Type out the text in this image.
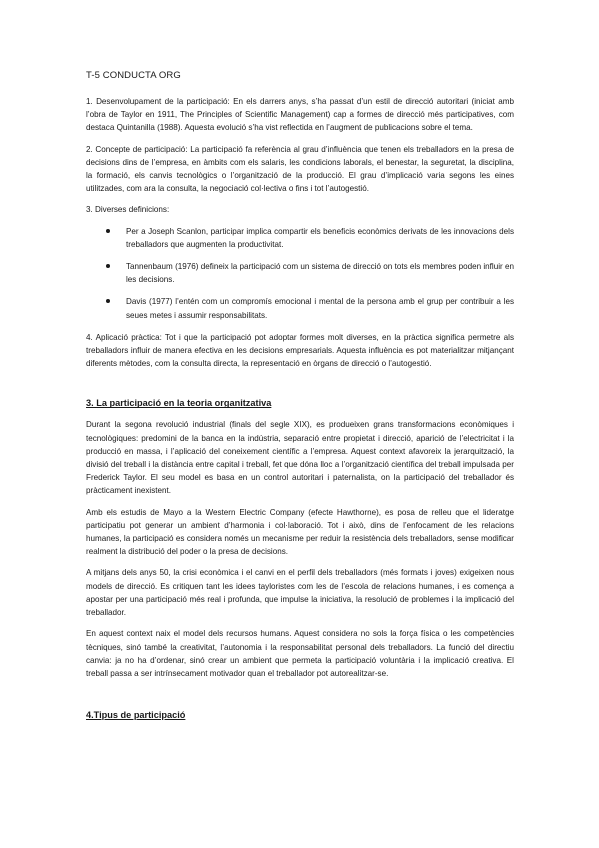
T-5 CONDUCTA ORG

1. Desenvolupament de la participació: En els darrers anys, s’ha passat d’un estil de direcció autoritari (iniciat amb l’obra de Taylor en 1911, The Principles of Scientific Management) cap a formes de direcció més participatives, com destaca Quintanilla (1988). Aquesta evolució s’ha vist reflectida en l’augment de publicacions sobre el tema.

2. Concepte de participació: La participació fa referència al grau d’influència que tenen els treballadors en la presa de decisions dins de l’empresa, en àmbits com els salaris, les condicions laborals, el benestar, la seguretat, la disciplina, la formació, els canvis tecnològics o l’organització de la producció. El grau d’implicació varia segons les eines utilitzades, com ara la consulta, la negociació col·lectiva o fins i tot l’autogestió.

3. Diverses definicions:

Per a Joseph Scanlon, participar implica compartir els beneficis econòmics derivats de les innovacions dels treballadors que augmenten la productivitat.
Tannenbaum (1976) defineix la participació com un sistema de direcció on tots els membres poden influir en les decisions.
Davis (1977) l’entén com un compromís emocional i mental de la persona amb el grup per contribuir a les seues metes i assumir responsabilitats.

4. Aplicació pràctica: Tot i que la participació pot adoptar formes molt diverses, en la pràctica significa permetre als treballadors influir de manera efectiva en les decisions empresarials. Aquesta influència es pot materialitzar mitjançant diferents mètodes, com la consulta directa, la representació en òrgans de direcció o l’autogestió.

3. La participació en la teoria organitzativa

Durant la segona revolució industrial (finals del segle XIX), es produeixen grans transformacions econòmiques i tecnològiques: predomini de la banca en la indústria, separació entre propietat i direcció, aparició de l’electricitat i la producció en massa, i l’aplicació del coneixement científic a l’empresa. Aquest context afavoreix la jerarquització, la divisió del treball i la distància entre capital i treball, fet que dóna lloc a l’organització científica del treball impulsada per Frederick Taylor. El seu model es basa en un control autoritari i paternalista, on la participació del treballador és pràcticament inexistent.

Amb els estudis de Mayo a la Western Electric Company (efecte Hawthorne), es posa de relleu que el lideratge participatiu pot generar un ambient d’harmonia i col·laboració. Tot i això, dins de l’enfocament de les relacions humanes, la participació es considera només un mecanisme per reduir la resistència dels treballadors, sense modificar realment la distribució del poder o la presa de decisions.

A mitjans dels anys 50, la crisi econòmica i el canvi en el perfil dels treballadors (més formats i joves) exigeixen nous models de direcció. Es critiquen tant les idees tayloristes com les de l’escola de relacions humanes, i es comença a apostar per una participació més real i profunda, que impulse la iniciativa, la resolució de problemes i la implicació del treballador.

En aquest context naix el model dels recursos humans. Aquest considera no sols la força física o les competències tècniques, sinó també la creativitat, l’autonomia i la responsabilitat personal dels treballadors. La funció del directiu canvia: ja no ha d’ordenar, sinó crear un ambient que permeta la participació voluntària i la implicació creativa. El treball passa a ser intrínsecament motivador quan el treballador pot autorealitzar-se.

4.Tipus de participació
